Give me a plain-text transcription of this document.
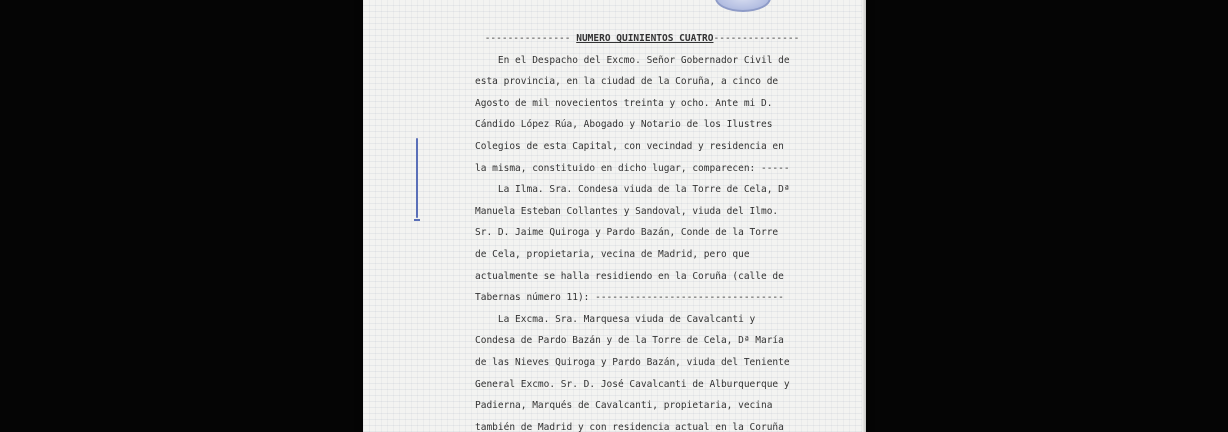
--------------- NUMERO QUINIENTOS CUATRO---------------
En el Despacho del Excmo. Señor Gobernador Civil de
esta provincia, en la ciudad de la Coruña, a cinco de
Agosto de mil novecientos treinta y ocho. Ante mi D.
Cándido López Rúa, Abogado y Notario de los Ilustres
Colegios de esta Capital, con vecindad y residencia en
la misma, constituido en dicho lugar, comparecen: -----
La Ilma. Sra. Condesa viuda de la Torre de Cela, Dª
Manuela Esteban Collantes y Sandoval, viuda del Ilmo.
Sr. D. Jaime Quiroga y Pardo Bazán, Conde de la Torre
de Cela, propietaria, vecina de Madrid, pero que
actualmente se halla residiendo en la Coruña (calle de
Tabernas número 11): ---------------------------------
La Excma. Sra. Marquesa viuda de Cavalcanti y
Condesa de Pardo Bazán y de la Torre de Cela, Dª María
de las Nieves Quiroga y Pardo Bazán, viuda del Teniente
General Excmo. Sr. D. José Cavalcanti de Alburquerque y
Padierna, Marqués de Cavalcanti, propietaria, vecina
también de Madrid y con residencia actual en la Coruña
